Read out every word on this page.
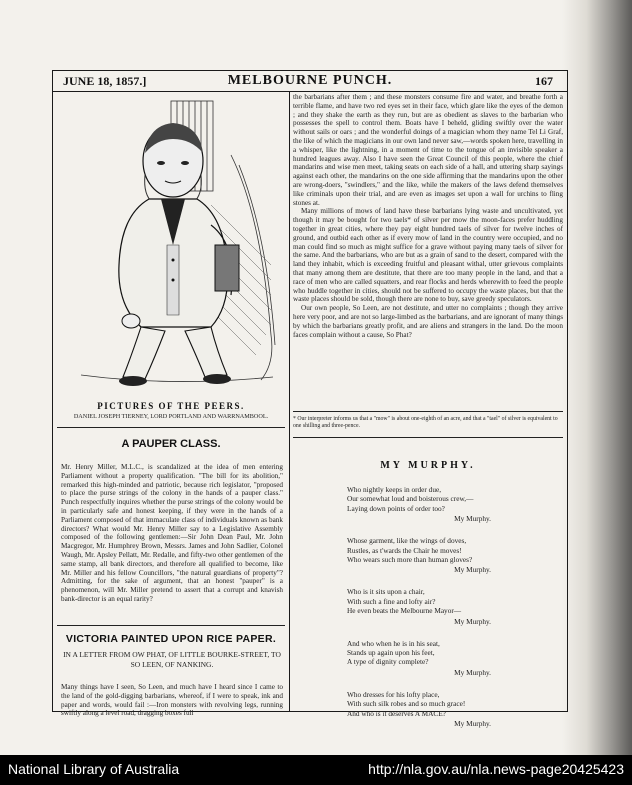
JUNE 18, 1857.]	MELBOURNE PUNCH.	167
PICTURES OF THE PEERS.
DANIEL JOSEPH TIERNEY, LORD PORTLAND AND WARRNAMBOOL.
A PAUPER CLASS.

Mr. Henry Miller, M.L.C., is scandalized at the idea of men entering Parliament without a property qualification. "The bill for its abolition," remarked this high-minded and patriotic, because rich legislator, "proposed to place the purse strings of the colony in the hands of a pauper class." Punch respectfully inquires whether the purse strings of the colony would be in particularly safe and honest keeping, if they were in the hands of a Parliament composed of that immaculate class of individuals known as bank directors? What would Mr. Henry Miller say to a Legislative Assembly composed of the following gentlemen:—Sir John Dean Paul, Mr. John Macgregor, Mr. Humphrey Brown, Messrs. James and John Sadlier, Colonel Waugh, Mr. Apsley Pellatt, Mr. Redalle, and fifty-two other gentlemen of the same stamp, all bank directors, and therefore all qualified to become, like Mr. Miller and his fellow Councillors, "the natural guardians of property"? Admitting, for the sake of argument, that an honest "pauper" is a phenomenon, will Mr. Miller pretend to assert that a corrupt and knavish bank-director is an equal rarity?

VICTORIA PAINTED UPON RICE PAPER.
IN A LETTER FROM OW PHAT, OF LITTLE BOURKE-STREET, TO SO LEEN, OF NANKING.

Many things have I seen, So Leen, and much have I heard since I came to the land of the gold-digging barbarians, whereof, if I were to speak, ink and paper and words, would fail :—Iron monsters with revolving legs, running swiftly along a level road, dragging boxes full

the barbarians after them ; and these monsters consume fire and water, and breathe forth a terrible flame, and have two red eyes set in their face, which glare like the eyes of the demon ; and they shake the earth as they run, but are as obedient as slaves to the barbarian who possesses the spell to control them. Boats have I beheld, gliding swiftly over the water without sails or oars ; and the wonderful doings of a magician whom they name Tel Li Graf, the like of which the magicians in our own land never saw,—words spoken here, travelling in a whisper, like the lightning, in a moment of time to the tongue of an invisible speaker a hundred leagues away. Also I have seen the Great Council of this people, where the chief mandarins and wise men meet, taking seats on each side of a hall, and uttering sharp sayings against each other, the mandarins on the one side affirming that the mandarins upon the other are wrong-doers, "swindlers," and the like, while the makers of the laws defend themselves like criminals upon their trial, and are even as images set upon a wall for urchins to fling stones at.

Many millions of mows of land have these barbarians lying waste and uncultivated, yet though it may be bought for two taels* of silver per mow the moon-faces prefer huddling together in great cities, where they pay eight hundred taels of silver for twelve inches of ground, and outbid each other as if every mow of land in the country were occupied, and no man could find so much as might suffice for a grave without paying many taels of silver for the same. And the barbarians, who are but as a grain of sand to the desert, compared with the land they inhabit, which is exceeding fruitful and pleasant withal, utter grievous complaints that many among them are destitute, that there are too many people in the land, and that a race of men who are called squatters, and rear flocks and herds wherewith to feed the people who huddle together in cities, should not be suffered to occupy the waste places, but that the waste places should be sold, though there are none to buy, save greedy speculators.

Our own people, So Leen, are not destitute, and utter no complaints ; though they arrive here very poor, and are not so large-limbed as the barbarians, and are ignorant of many things by which the barbarians greatly profit, and are aliens and strangers in the land. Do the moon faces complain without a cause, So Phat?

* Our interpreter informs us that a "mow" is about one-eighth of an acre, and that a "tael" of silver is equivalent to one shilling and three-pence.
MY MURPHY.
Who nightly keeps in order due,
Our somewhat loud and boisterous crew,—
Laying down points of order too?
My Murphy.
Whose garment, like the wings of doves,
Rustles, as t'wards the Chair he moves!
Who wears such more than human gloves?
My Murphy.
Who is it sits upon a chair,
With such a fine and lofty air?
He even beats the Melbourne Mayor—
My Murphy.
And who when he is in his seat,
Stands up again upon his feet,
A type of dignity complete?
My Murphy.
Who dresses for his lofty place,
With such silk robes and so much grace!
And who is it deserves A MACE?
My Murphy.
National Library of Australia	http://nla.gov.au/nla.news-page20425423
